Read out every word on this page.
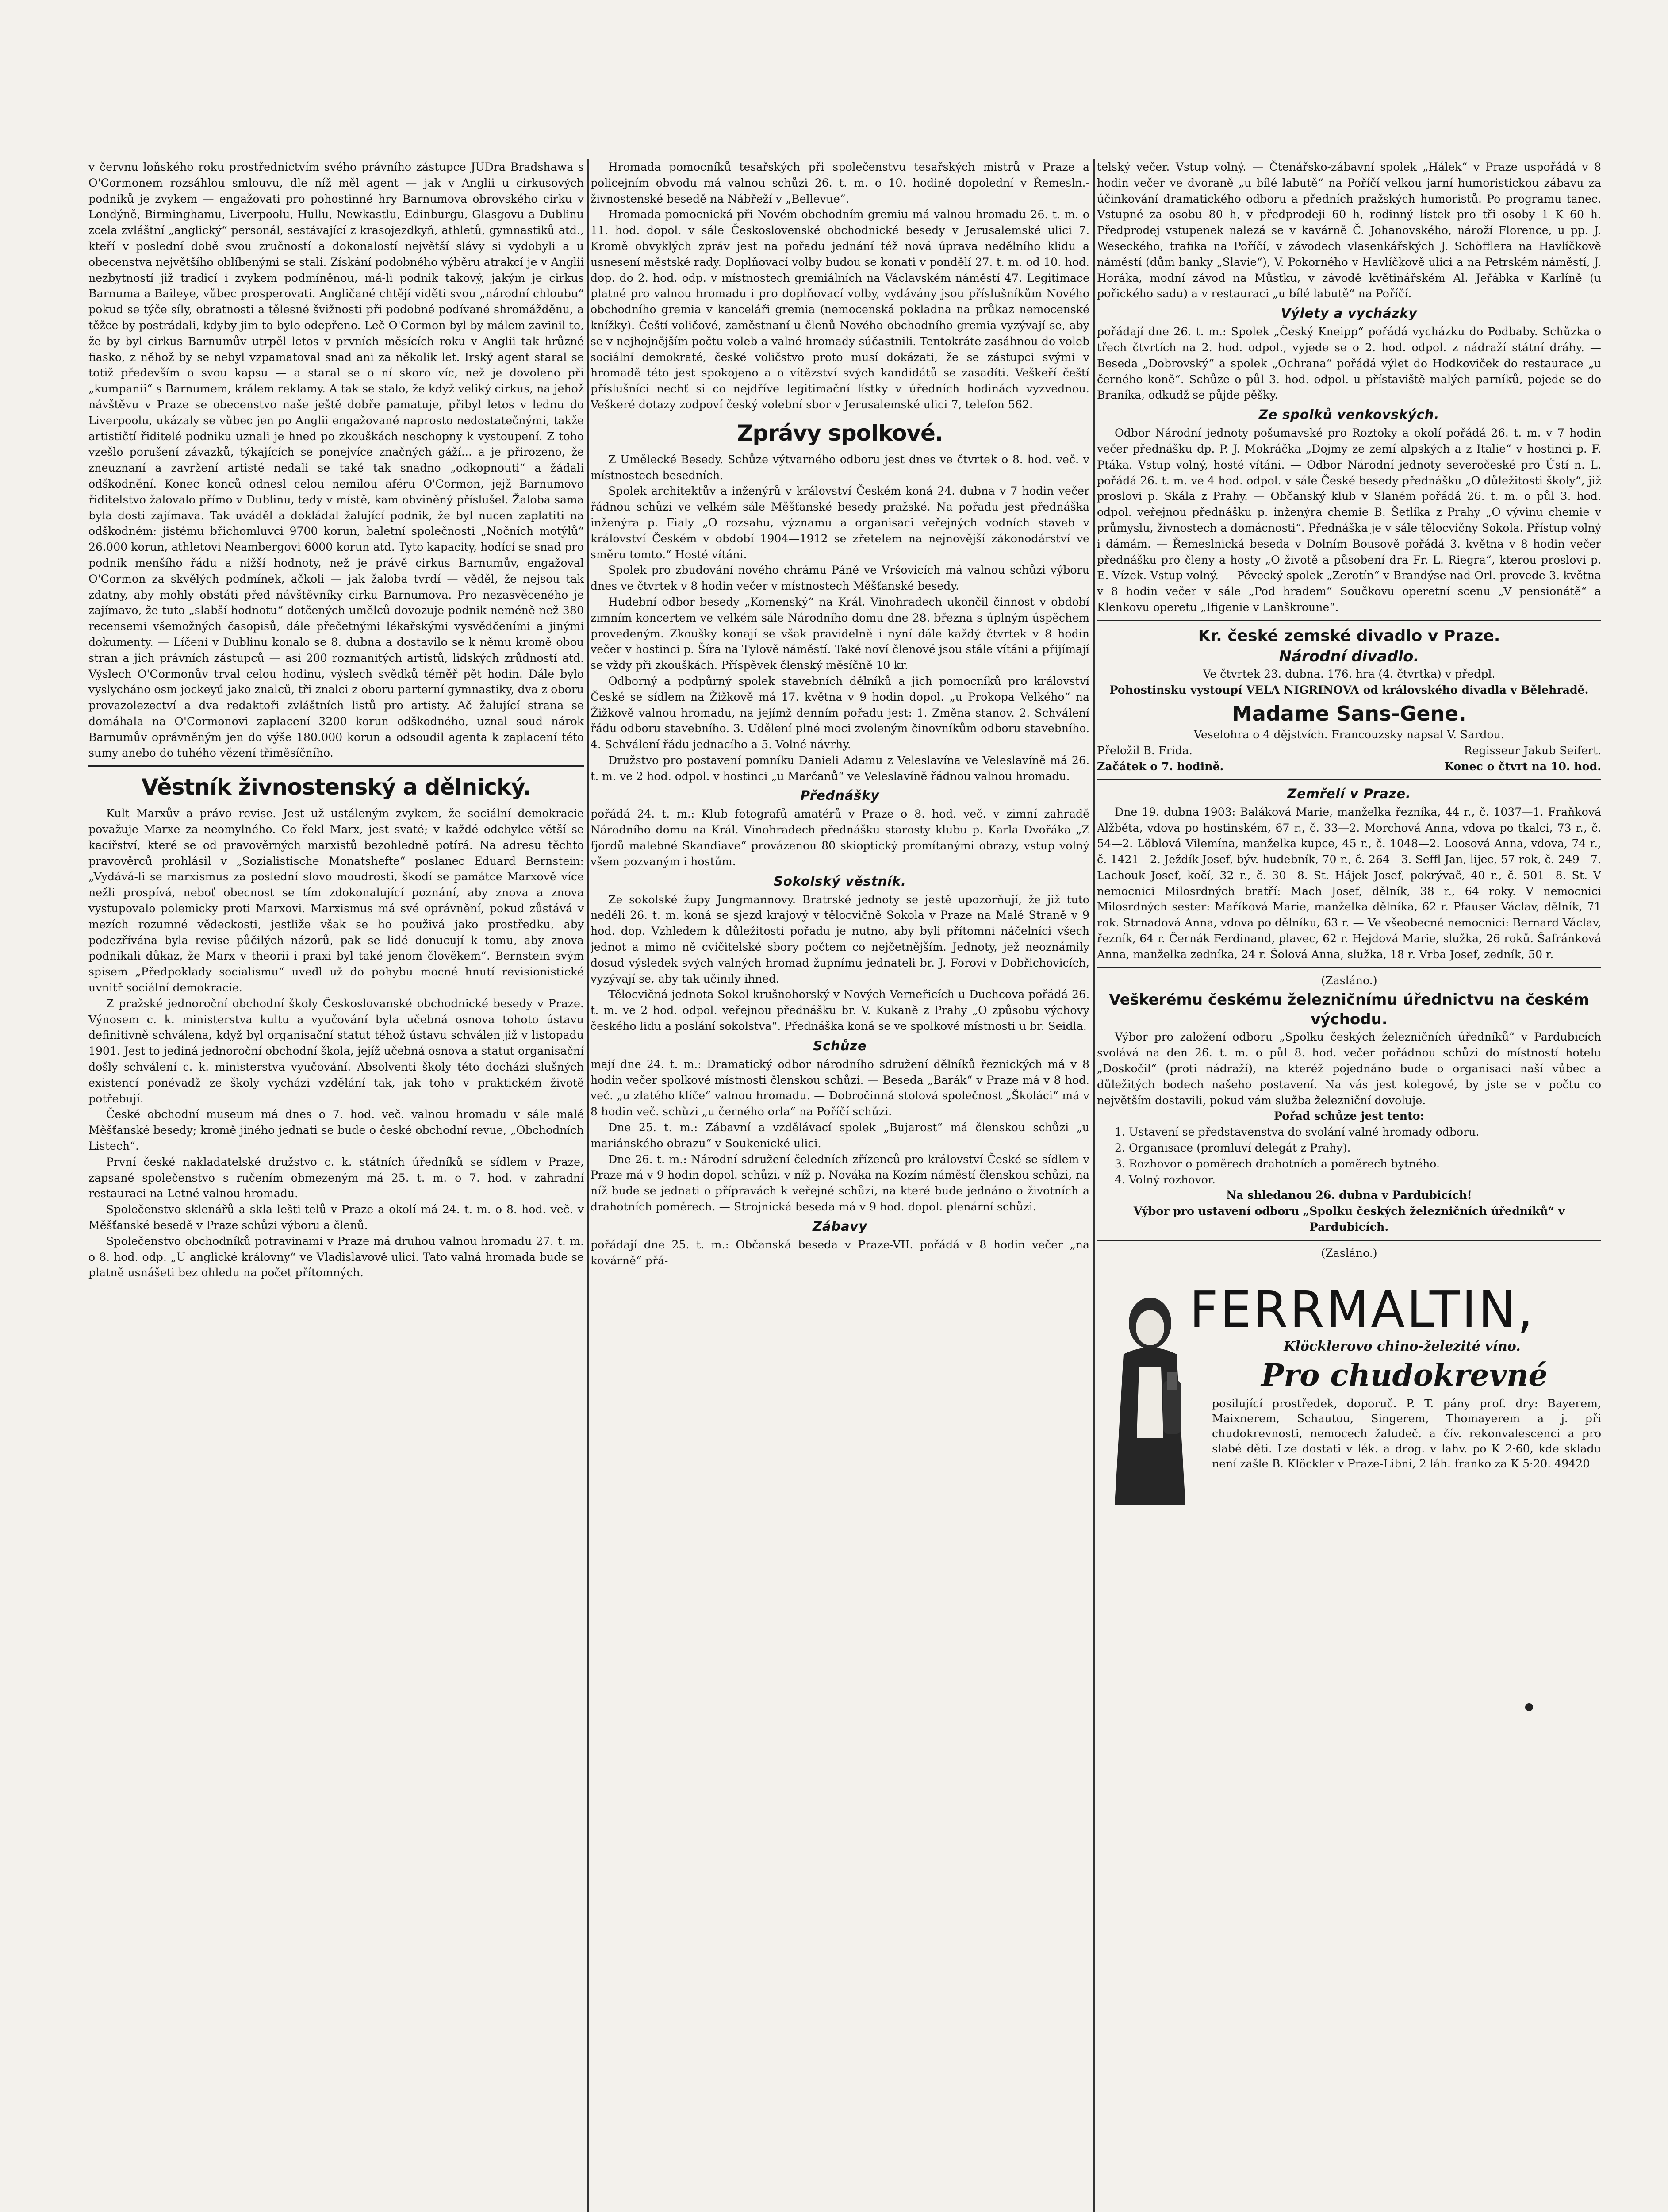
v červnu loňského roku prostřednictvím svého právního zástupce JUDra Bradshawa s O'Cormonem rozsáhlou smlouvu, dle níž měl agent — jak v Anglii u cirkusových podniků je zvykem — engažovati pro pohostinné hry Barnumova obrovského cirku v Londýně, Birminghamu, Liverpoolu, Hullu, Newkastlu, Edinburgu, Glasgovu a Dublinu zcela zvláštní „anglický“ personál, sestávající z krasojezdkyň, athletů, gymnastiků atd., kteří v poslední době svou zručností a dokonalostí největší slávy si vydobyli a u obecenstva největšího oblíbenými se stali. Získání podobného výběru atrakcí je v Anglii nezbytností již tradicí i zvykem podmíněnou, má-li podnik takový, jakým je cirkus Barnuma a Baileye, vůbec prosperovati. Angličané chtějí viděti svou „národní chloubu“ pokud se týče síly, obratnosti a tělesné švižnosti při podobné podívané shromážděnu, a těžce by postrádali, kdyby jim to bylo odepřeno. Leč O'Cormon byl by málem zavinil to, že by byl cirkus Barnumův utrpěl letos v prvních měsících roku v Anglii tak hrůzné fiasko, z něhož by se nebyl vzpamatoval snad ani za několik let. Irský agent staral se totiž především o svou kapsu — a staral se o ní skoro víc, než je dovoleno při „kumpanii“ s Barnumem, králem reklamy. A tak se stalo, že když veliký cirkus, na jehož návštěvu v Praze se obecenstvo naše ještě dobře pamatuje, přibyl letos v lednu do Liverpoolu, ukázaly se vůbec jen po Anglii engažované naprosto nedostatečnými, takže artističtí řiditelé podniku uznali je hned po zkouškách neschopny k vystoupení. Z toho vzešlo porušení závazků, týkajících se ponejvíce značných gáží... a je přirozeno, že zneuznaní a zavržení artisté nedali se také tak snadno „odkopnouti“ a žádali odškodnění. Konec konců odnesl celou nemilou aféru O'Cormon, jejž Barnumovo řiditelstvo žalovalo přímo v Dublinu, tedy v místě, kam obviněný příslušel. Žaloba sama byla dosti zajímava. Tak uváděl a dokládal žalující podnik, že byl nucen zaplatiti na odškodném: jistému břichomluvci 9700 korun, baletní společnosti „Nočních motýlů“ 26.000 korun, athletovi Neambergovi 6000 korun atd. Tyto kapacity, hodící se snad pro podnik menšího řádu a nižší hodnoty, než je právě cirkus Barnumův, engažoval O'Cormon za skvělých podmínek, ačkoli — jak žaloba tvrdí — věděl, že nejsou tak zdatny, aby mohly obstáti před návštěvníky cirku Barnumova. Pro nezasvěceného je zajímavo, že tuto „slabší hodnotu“ dotčených umělců dovozuje podnik neméně než 380 recensemi všemožných časopisů, dále přečetnými lékařskými vysvědčeními a jinými dokumenty. — Líčení v Dublinu konalo se 8. dubna a dostavilo se k němu kromě obou stran a jich právních zástupců — asi 200 rozmanitých artistů, lidských zrůdností atd. Výslech O'Cormonův trval celou hodinu, výslech svědků téměř pět hodin. Dále bylo vyslycháno osm jockeyů jako znalců, tři znalci z oboru parterní gymnastiky, dva z oboru provazolezectví a dva redaktoři zvláštních listů pro artisty. Ač žalující strana se domáhala na O'Cormonovi zaplacení 3200 korun odškodného, uznal soud nárok Barnumův oprávněným jen do výše 180.000 korun a odsoudil agenta k zaplacení této sumy anebo do tuhého vězení třiměsíčního.

Věstník živnostenský a dělnický.

Kult Marxův a právo revise. Jest už ustáleným zvykem, že sociální demokracie považuje Marxe za neomylného. Co řekl Marx, jest svaté; v každé odchylce větší se kacířství, které se od pravověrných marxistů bezohledně potírá. Na adresu těchto pravověrců prohlásil v „Sozialistische Monatshefte“ poslanec Eduard Bernstein: „Vydává-li se marxismus za poslední slovo moudrosti, škodí se památce Marxově více nežli prospívá, neboť obecnost se tím zdokonalující poznání, aby znova a znova vystupovalo polemicky proti Marxovi. Marxismus má své oprávnění, pokud zůstává v mezích rozumné vědeckosti, jestliže však se ho použivá jako prostředku, aby podezřívána byla revise půčilých názorů, pak se lidé donucují k tomu, aby znova podnikali důkaz, že Marx v theorii i praxi byl také jenom člověkem“. Bernstein svým spisem „Předpoklady socialismu“ uvedl už do pohybu mocné hnutí revisionistické uvnitř sociální demokracie.

Z pražské jednoroční obchodní školy Českoslovanské obchodnické besedy v Praze. Výnosem c. k. ministerstva kultu a vyučování byla učebná osnova tohoto ústavu definitivně schválena, když byl organisační statut téhož ústavu schválen již v listopadu 1901. Jest to jediná jednoroční obchodní škola, jejíž učebná osnova a statut organisační došly schválení c. k. ministerstva vyučování. Absolventi školy této docházi slušných existencí ponévadž ze školy vycházi vzdělání tak, jak toho v praktickém životě potřebují.

České obchodní museum má dnes o 7. hod. več. valnou hromadu v sále malé Měšťanské besedy; kromě jiného jednati se bude o české obchodní revue, „Obchodních Listech“.

První české nakladatelské družstvo c. k. státních úředníků se sídlem v Praze, zapsané společenstvo s ručením obmezeným má 25. t. m. o 7. hod. v zahradní restauraci na Letné valnou hromadu.

Společenstvo sklenářů a skla lešti-telů v Praze a okolí má 24. t. m. o 8. hod. več. v Měšťanské besedě v Praze schůzi výboru a členů.

Společenstvo obchodníků potravinami v Praze má druhou valnou hromadu 27. t. m. o 8. hod. odp. „U anglické královny“ ve Vladislavově ulici. Tato valná hromada bude se platně usnášeti bez ohledu na počet přítomných.

Hromada pomocníků tesařských při společenstvu tesařských mistrů v Praze a policejním obvodu má valnou schůzi 26. t. m. o 10. hodině dopolední v Řemesln.-živnostenské besedě na Nábřeží v „Bellevue“.

Hromada pomocnická při Novém obchodním gremiu má valnou hromadu 26. t. m. o 11. hod. dopol. v sále Československé obchodnické besedy v Jerusalemské ulici 7. Kromě obvyklých zpráv jest na pořadu jednání též nová úprava nedělního klidu a usnesení městské rady. Doplňovací volby budou se konati v pondělí 27. t. m. od 10. hod. dop. do 2. hod. odp. v místnostech gremiálních na Václavském náměstí 47. Legitimace platné pro valnou hromadu i pro doplňovací volby, vydávány jsou příslušníkům Nového obchodního gremia v kanceláři gremia (nemocenská pokladna na průkaz nemocenské knížky). Čeští voličové, zaměstnaní u členů Nového obchodního gremia vyzývají se, aby se v nejhojnějším počtu voleb a valné hromady súčastnili. Tentokráte zasáhnou do voleb sociální demokraté, české voličstvo proto musí dokázati, že se zástupci svými v hromadě této jest spokojeno a o vítězství svých kandidátů se zasadíti. Veškeří čeští příslušníci nechť si co nejdříve legitimační lístky v úředních hodinách vyzvednou. Veškeré dotazy zodpoví český volební sbor v Jerusalemské ulici 7, telefon 562.

Zprávy spolkové.

Z Umělecké Besedy. Schůze výtvarného odboru jest dnes ve čtvrtek o 8. hod. več. v místnostech besedních.

Spolek architektův a inženýrů v království Českém koná 24. dubna v 7 hodin večer řádnou schůzi ve velkém sále Měšťanské besedy pražské. Na pořadu jest přednáška inženýra p. Fialy „O rozsahu, významu a organisaci veřejných vodních staveb v království Českém v období 1904—1912 se zřetelem na nejnovější zákonodárství ve směru tomto.“ Hosté vítáni.

Spolek pro zbudování nového chrámu Páně ve Vršovicích má valnou schůzi výboru dnes ve čtvrtek v 8 hodin večer v místnostech Měšťanské besedy.

Hudební odbor besedy „Komenský“ na Král. Vinohradech ukončil činnost v období zimním koncertem ve velkém sále Národního domu dne 28. března s úplným úspěchem provedeným. Zkoušky konají se však pravidelně i nyní dále každý čtvrtek v 8 hodin večer v hostinci p. Šíra na Tylově náměstí. Také noví členové jsou stále vítáni a přijímají se vždy při zkouškách. Příspěvek členský měsíčně 10 kr.

Odborný a podpůrný spolek stavebních dělníků a jich pomocníků pro království České se sídlem na Žižkově má 17. května v 9 hodin dopol. „u Prokopa Velkého“ na Žižkově valnou hromadu, na jejímž denním pořadu jest: 1. Změna stanov. 2. Schválení řádu odboru stavebního. 3. Udělení plné moci zvoleným činovníkům odboru stavebního. 4. Schválení řádu jednacího a 5. Volné návrhy.

Družstvo pro postavení pomníku Danieli Adamu z Veleslavína ve Veleslavíně má 26. t. m. ve 2 hod. odpol. v hostinci „u Marčanů“ ve Veleslavíně řádnou valnou hromadu.

Přednášky

pořádá 24. t. m.: Klub fotografů amatérů v Praze o 8. hod. več. v zimní zahradě Národního domu na Král. Vinohradech přednášku starosty klubu p. Karla Dvořáka „Z fjordů malebné Skandiave“ provázenou 80 skioptický promítanými obrazy, vstup volný všem pozvaným i hostům.

Sokolský věstník.

Ze sokolské župy Jungmannovy. Bratrské jednoty se jestě upozorňují, že již tuto neděli 26. t. m. koná se sjezd krajový v tělocvičně Sokola v Praze na Malé Straně v 9 hod. dop. Vzhledem k důležitosti pořadu je nutno, aby byli přítomni náčelníci všech jednot a mimo ně cvičitelské sbory počtem co nejčetnějším. Jednoty, jež neoznámily dosud výsledek svých valných hromad župnímu jednateli br. J. Forovi v Dobřichovicích, vyzývají se, aby tak učinily ihned.

Tělocvičná jednota Sokol krušnohorský v Nových Verneřicích u Duchcova pořádá 26. t. m. ve 2 hod. odpol. veřejnou přednášku br. V. Kukaně z Prahy „O způsobu výchovy českého lidu a poslání sokolstva“. Přednáška koná se ve spolkové místnosti u br. Seidla.

Schůze

mají dne 24. t. m.: Dramatický odbor národního sdružení dělníků řeznických má v 8 hodin večer spolkové místnosti členskou schůzi. — Beseda „Barák“ v Praze má v 8 hod. več. „u zlatého klíče“ valnou hromadu. — Dobročinná stolová společnost „Školáci“ má v 8 hodin več. schůzi „u černého orla“ na Poříčí schůzi.

Dne 25. t. m.: Zábavní a vzdělávací spolek „Bujarost“ má členskou schůzi „u mariánského obrazu“ v Soukenické ulici.

Dne 26. t. m.: Národní sdružení čeledních zřízenců pro království České se sídlem v Praze má v 9 hodin dopol. schůzi, v níž p. Nováka na Kozím náměstí členskou schůzi, na níž bude se jednati o přípravách k veřejné schůzi, na které bude jednáno o životních a drahotních poměrech. — Strojnická beseda má v 9 hod. dopol. plenární schůzi.

Zábavy

pořádají dne 25. t. m.: Občanská beseda v Praze-VII. pořádá v 8 hodin večer „na kovárně“ přá-

telský večer. Vstup volný. — Čtenářsko-zábavní spolek „Hálek“ v Praze uspořádá v 8 hodin večer ve dvoraně „u bílé labutě“ na Poříčí velkou jarní humoristickou zábavu za účinkování dramatického odboru a předních pražských humoristů. Po programu tanec. Vstupné za osobu 80 h, v předprodeji 60 h, rodinný lístek pro tři osoby 1 K 60 h. Předprodej vstupenek nalezá se v kavárně Č. Johanovského, nároží Florence, u pp. J. Weseckého, trafika na Poříčí, v závodech vlasenkářských J. Schöfflera na Havlíčkově náměstí (dům banky „Slavie“), V. Pokorného v Havlíčkově ulici a na Petrském náměstí, J. Horáka, modní závod na Můstku, v závodě květinářském Al. Jeřábka v Karlíně (u pořického sadu) a v restauraci „u bílé labutě“ na Poříčí.

Výlety a vycházky

pořádají dne 26. t. m.: Spolek „Český Kneipp“ pořádá vycházku do Podbaby. Schůzka o třech čtvrtích na 2. hod. odpol., vyjede se o 2. hod. odpol. z nádraží státní dráhy. — Beseda „Dobrovský“ a spolek „Ochrana“ pořádá výlet do Hodkoviček do restaurace „u černého koně“. Schůze o půl 3. hod. odpol. u přístaviště malých parníků, pojede se do Braníka, odkudž se půjde pěšky.

Ze spolků venkovských.

Odbor Národní jednoty pošumavské pro Roztoky a okolí pořádá 26. t. m. v 7 hodin večer přednášku dp. P. J. Mokráčka „Dojmy ze zemí alpských a z Italie“ v hostinci p. F. Ptáka. Vstup volný, hosté vítáni. — Odbor Národní jednoty severočeské pro Ústí n. L. pořádá 26. t. m. ve 4 hod. odpol. v sále České besedy přednášku „O důležitosti školy“, již proslovi p. Skála z Prahy. — Občanský klub v Slaném pořádá 26. t. m. o půl 3. hod. odpol. veřejnou přednášku p. inženýra chemie B. Šetlíka z Prahy „O vývinu chemie v průmyslu, živnostech a domácnosti“. Přednáška je v sále tělocvičny Sokola. Přístup volný i dámám. — Řemeslnická beseda v Dolním Bousově pořádá 3. května v 8 hodin večer přednášku pro členy a hosty „O životě a působení dra Fr. L. Riegra“, kterou proslovi p. E. Vízek. Vstup volný. — Pěvecký spolek „Zerotín“ v Brandýse nad Orl. provede 3. května v 8 hodin večer v sále „Pod hradem“ Součkovu operetní scenu „V pensionátě“ a Klenkovu operetu „Ifigenie v Lanškroune“.

Kr. české zemské divadlo v Praze.
Národní divadlo.

Ve čtvrtek 23. dubna. 176. hra (4. čtvrtka) v předpl.

Pohostinsku vystoupí VELA NIGRINOVA od královského divadla v Bělehradě.

Madame Sans-Gene.

Veselohra o 4 dějstvích. Francouzsky napsal V. Sardou.

Přeložil B. Frida.	Regisseur Jakub Seifert.
Začátek o 7. hodině.	Konec o čtvrt na 10. hod.
Zemřelí v Praze.

Dne 19. dubna 1903: Baláková Marie, manželka řezníka, 44 r., č. 1037—1. Fraňková Alžběta, vdova po hostinském, 67 r., č. 33—2. Morchová Anna, vdova po tkalci, 73 r., č. 54—2. Löblová Vilemína, manželka kupce, 45 r., č. 1048—2. Loosová Anna, vdova, 74 r., č. 1421—2. Ježdík Josef, býv. hudebník, 70 r., č. 264—3. Seffl Jan, lijec, 57 rok, č. 249—7. Lachouk Josef, kočí, 32 r., č. 30—8. St. Hájek Josef, pokrývač, 40 r., č. 501—8. St. V nemocnici Milosrdných bratří: Mach Josef, dělník, 38 r., 64 roky. V nemocnici Milosrdných sester: Maříková Marie, manželka dělníka, 62 r. Pfauser Václav, dělník, 71 rok. Strnadová Anna, vdova po dělníku, 63 r. — Ve všeobecné nemocnici: Bernard Václav, řezník, 64 r. Černák Ferdinand, plavec, 62 r. Hejdová Marie, služka, 26 roků. Šafránková Anna, manželka zedníka, 24 r. Šolová Anna, služka, 18 r. Vrba Josef, zedník, 50 r.

(Zasláno.)

Veškerému českému železničnímu úřednictvu na českém východu.

Výbor pro založení odboru „Spolku českých železničních úředníků“ v Pardubicích svolává na den 26. t. m. o půl 8. hod. večer pořádnou schůzi do místností hotelu „Doskočil“ (proti nádraží), na kteréž pojednáno bude o organisaci naší vůbec a důležitých bodech našeho postavení. Na vás jest kolegové, by jste se v počtu co největším dostavili, pokud vám služba železniční dovoluje.

Pořad schůze jest tento:

1. Ustavení se představenstva do svolání valné hromady odboru.

2. Organisace (promluví delegát z Prahy).

3. Rozhovor o poměrech drahotních a poměrech bytného.

4. Volný rozhovor.

Na shledanou 26. dubna v Pardubicích!

Výbor pro ustavení odboru „Spolku českých železničních úředníků“ v Pardubicích.

(Zasláno.)

FERRMALTIN,
Klöcklerovo chino-železité víno.
Pro chudokrevné
posilující prostředek, doporuč. P. T. pány prof. dry: Bayerem, Maixnerem, Schautou, Singerem, Thomayerem a j. při chudokrevnosti, nemocech žaludeč. a čív. rekonvalescenci a pro slabé děti. Lze dostati v lék. a drog. v lahv. po K 2·60, kde skladu není zašle B. Klöckler v Praze-Libni, 2 láh. franko za K 5·20. 49420
